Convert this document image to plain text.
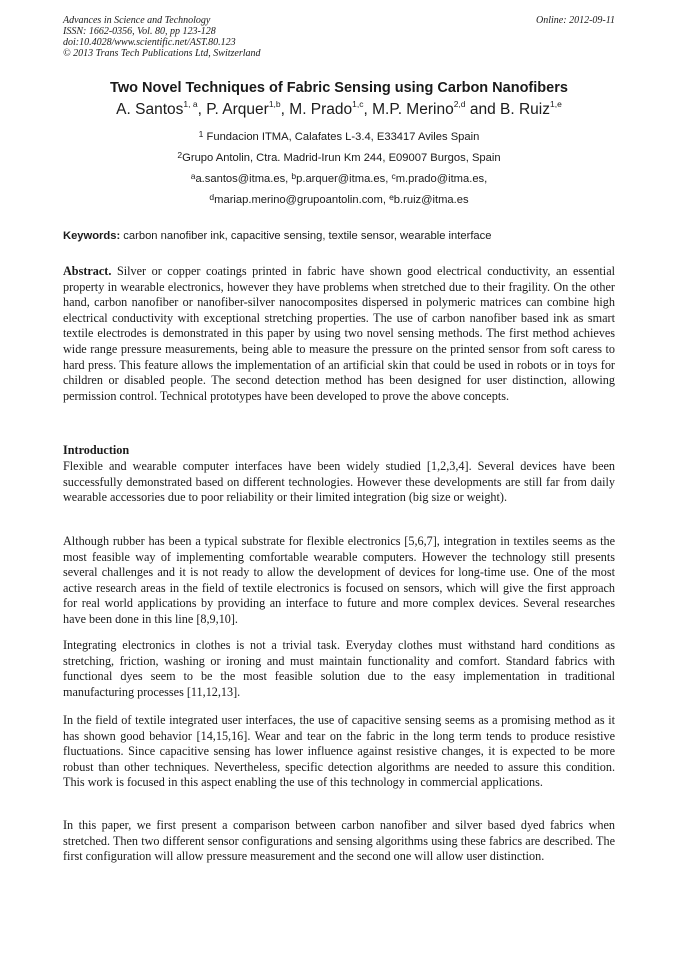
Advances in Science and Technology
ISSN: 1662-0356, Vol. 80, pp 123-128
doi:10.4028/www.scientific.net/AST.80.123
© 2013 Trans Tech Publications Ltd, Switzerland
Online: 2012-09-11
Two Novel Techniques of Fabric Sensing using Carbon Nanofibers
A. Santos$^{1, a}$, P. Arquer$^{1,b}$, M. Prado$^{1,c}$, M.P. Merino$^{2,d}$ and B. Ruiz$^{1,e}$
$^1$ Fundacion ITMA, Calafates L-3.4, E33417 Aviles Spain
$^2$Grupo Antolin, Ctra. Madrid-Irun Km 244, E09007 Burgos, Spain
$^a$a.santos@itma.es, $^b$p.arquer@itma.es, $^c$m.prado@itma.es,
$^d$mariap.merino@grupoantolin.com, $^e$b.ruiz@itma.es
Keywords: carbon nanofiber ink, capacitive sensing, textile sensor, wearable interface

Abstract. Silver or copper coatings printed in fabric have shown good electrical conductivity, an essential property in wearable electronics, however they have problems when stretched due to their fragility. On the other hand, carbon nanofiber or nanofiber-silver nanocomposites dispersed in polymeric matrices can combine high electrical conductivity with exceptional stretching properties. The use of carbon nanofiber based ink as smart textile electrodes is demonstrated in this paper by using two novel sensing methods. The first method achieves wide range pressure measurements, being able to measure the pressure on the printed sensor from soft caress to hard press. This feature allows the implementation of an artificial skin that could be used in robots or in toys for children or disabled people. The second detection method has been designed for user distinction, allowing permission control. Technical prototypes have been developed to prove the above concepts.

Introduction

Flexible and wearable computer interfaces have been widely studied [1,2,3,4]. Several devices have been successfully demonstrated based on different technologies. However these developments are still far from daily wearable accessories due to poor reliability or their limited integration (big size or weight).

Although rubber has been a typical substrate for flexible electronics [5,6,7], integration in textiles seems as the most feasible way of implementing comfortable wearable computers. However the technology still presents several challenges and it is not ready to allow the development of devices for long-time use. One of the most active research areas in the field of textile electronics is focused on sensors, which will give the first approach for real world applications by providing an interface to future and more complex devices. Several researches have been done in this line [8,9,10].

Integrating electronics in clothes is not a trivial task. Everyday clothes must withstand hard conditions as stretching, friction, washing or ironing and must maintain functionality and comfort. Standard fabrics with functional dyes seem to be the most feasible solution due to the easy implementation in traditional manufacturing processes [11,12,13].

In the field of textile integrated user interfaces, the use of capacitive sensing seems as a promising method as it has shown good behavior [14,15,16]. Wear and tear on the fabric in the long term tends to produce resistive fluctuations. Since capacitive sensing has lower influence against resistive changes, it is expected to be more robust than other techniques. Nevertheless, specific detection algorithms are needed to assure this condition. This work is focused in this aspect enabling the use of this technology in commercial applications.

In this paper, we first present a comparison between carbon nanofiber and silver based dyed fabrics when stretched. Then two different sensor configurations and sensing algorithms using these fabrics are described. The first configuration will allow pressure measurement and the second one will allow user distinction.
